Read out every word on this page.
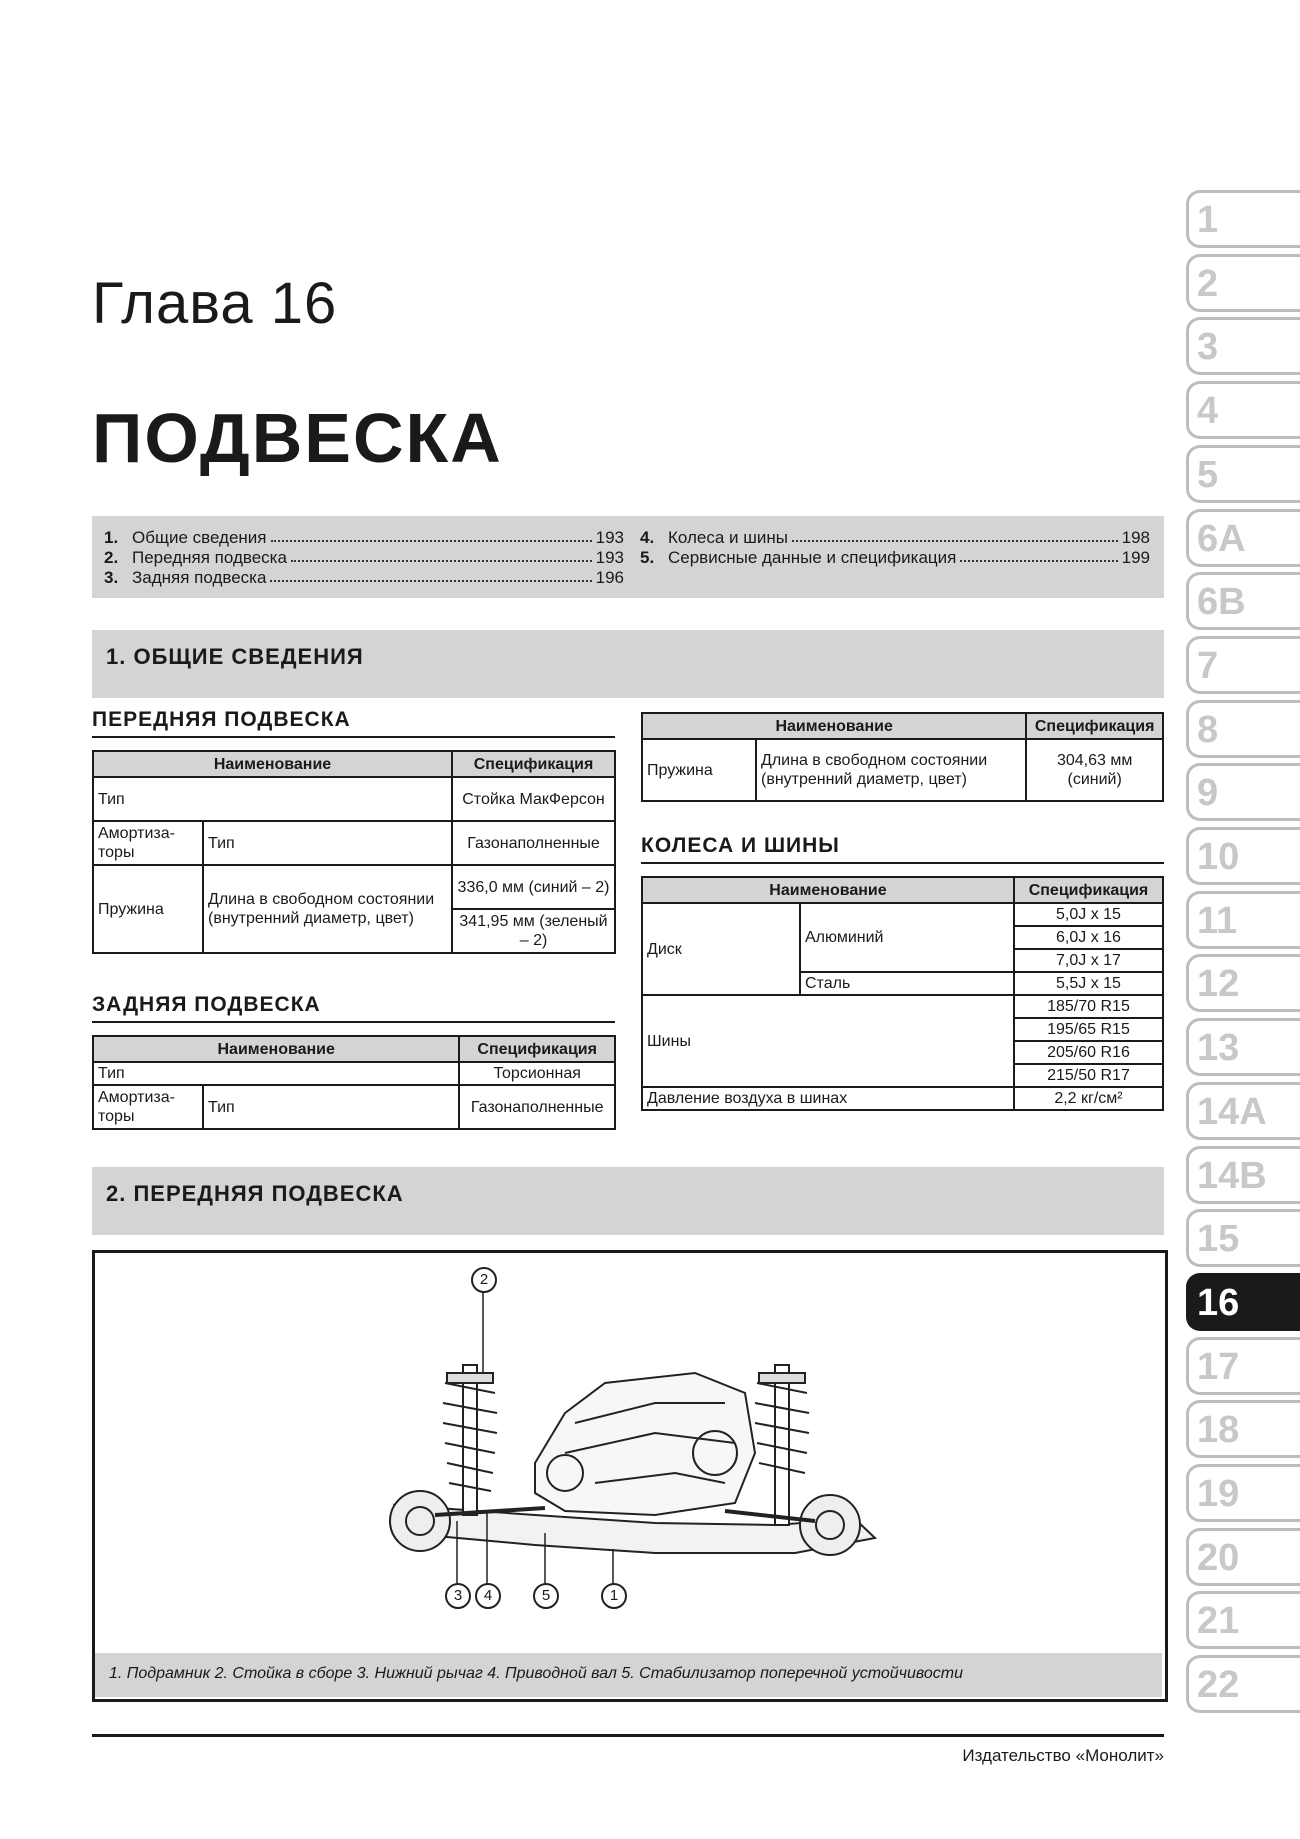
Глава 16
ПОДВЕСКА
1. Общие сведения	193
2. Передняя подвеска	193
3. Задняя подвеска	196
4. Колеса и шины	198
5. Сервисные данные и спецификация	199
1. ОБЩИЕ СВЕДЕНИЯ
ПЕРЕДНЯЯ ПОДВЕСКА
Наименование		Спецификация
Тип		Стойка МакФерсон
Амортиза-торы	Тип	Газонаполненные
Пружина	Длина в свободном состоянии (внутренний диаметр, цвет)	336,0 мм (синий – 2)
		341,95 мм (зеленый – 2)
ЗАДНЯЯ ПОДВЕСКА
Наименование		Спецификация
Тип		Торсионная
Амортиза-торы	Тип	Газонаполненные
Наименование		Спецификация
Пружина	Длина в свободном состоянии (внутренний диаметр, цвет)	304,63 мм (синий)
КОЛЕСА И ШИНЫ
Наименование		Спецификация
Диск	Алюминий	5,0J x 15
		6,0J x 16
		7,0J x 17
	Сталь	5,5J x 15
Шины		185/70 R15
		195/65 R15
		205/60 R16
		215/50 R17
Давление воздуха в шинах		2,2 кг/см²
2. ПЕРЕДНЯЯ ПОДВЕСКА
2
3	4	5	1
1. Подрамник 2. Стойка в сборе 3. Нижний рычаг 4. Приводной вал 5. Стабилизатор поперечной устойчивости
Издательство «Монолит»
1
2
3
4
5
6A
6B
7
8
9
10
11
12
13
14A
14B
15
16
17
18
19
20
21
22
